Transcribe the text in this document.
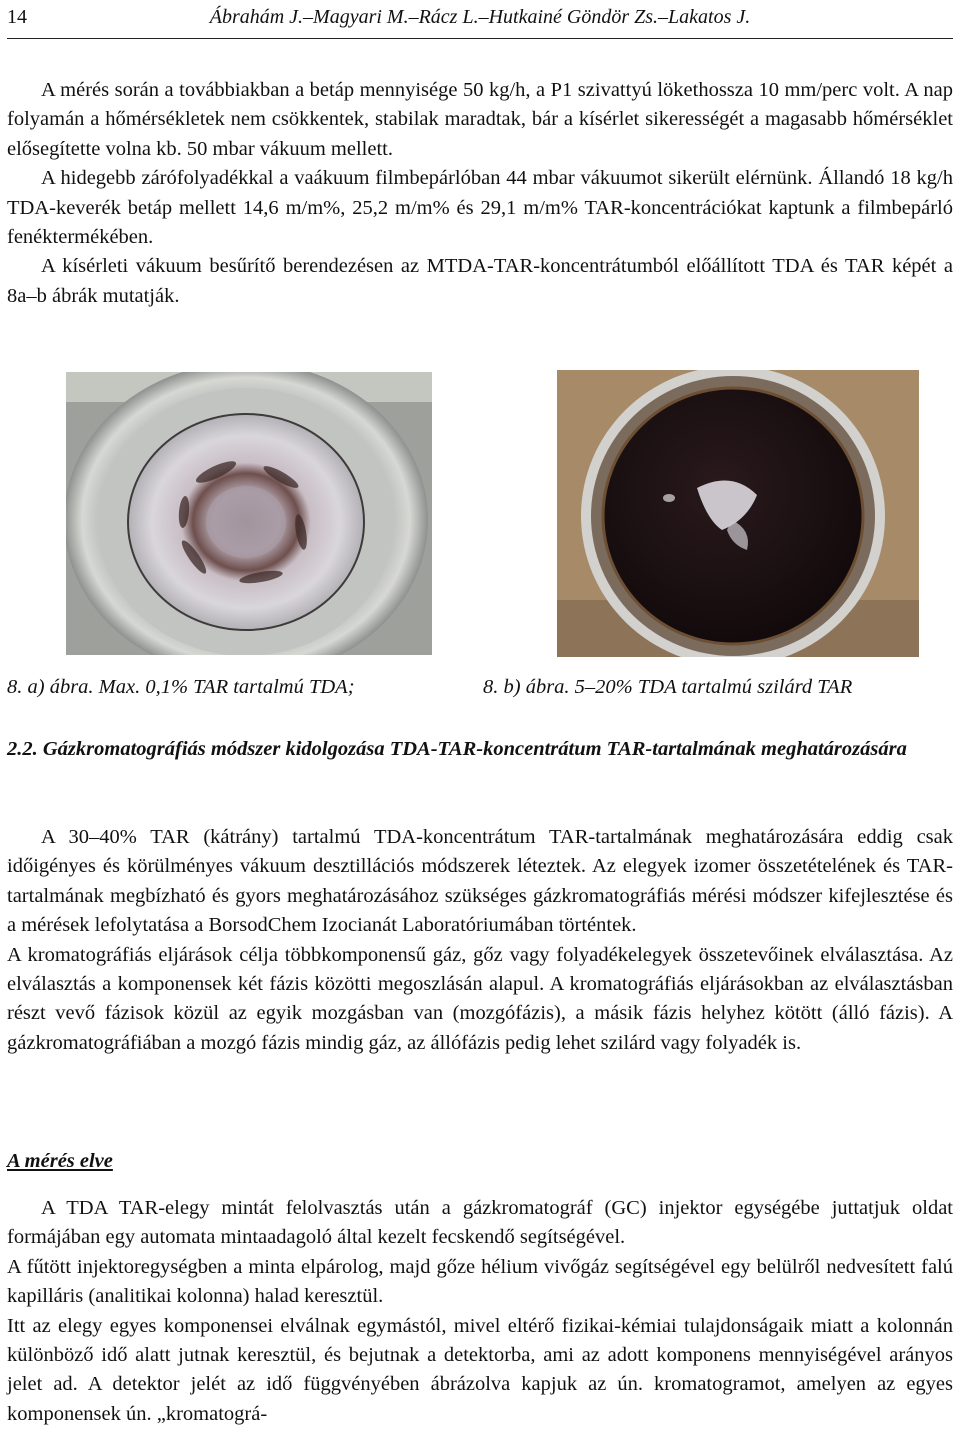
14	Ábrahám J.–Magyari M.–Rácz L.–Hutkainé Göndör Zs.–Lakatos J.

A mérés során a továbbiakban a betáp mennyisége 50 kg/h, a P1 szivattyú lökethossza 10 mm/perc volt. A nap folyamán a hőmérsékletek nem csökkentek, stabilak maradtak, bár a kísérlet sikerességét a magasabb hőmérséklet elősegítette volna kb. 50 mbar vákuum mellett.

A hidegebb zárófolyadékkal a vaákuum filmbepárlóban 44 mbar vákuumot sikerült elérnünk. Állandó 18 kg/h TDA-keverék betáp mellett 14,6 m/m%, 25,2 m/m% és 29,1 m/m% TAR-koncentrációkat kaptunk a filmbepárló fenéktermékében.

A kísérleti vákuum besűrítő berendezésen az MTDA-TAR-koncentrátumból előállított TDA és TAR képét a 8a–b ábrák mutatják.

8. a) ábra. Max. 0,1% TAR tartalmú TDA;	8. b) ábra. 5–20% TDA tartalmú szilárd TAR

2.2. Gázkromatográfiás módszer kidolgozása TDA-TAR-koncentrátum TAR-tartalmának meghatározására

A 30–40% TAR (kátrány) tartalmú TDA-koncentrátum TAR-tartalmának meghatározására eddig csak időigényes és körülményes vákuum desztillációs módszerek léteztek. Az elegyek izomer összetételének és TAR-tartalmának megbízható és gyors meghatározásához szükséges gázkromatográfiás mérési módszer kifejlesztése és a mérések lefolytatása a BorsodChem Izocianát Laboratóriumában történtek.

A kromatográfiás eljárások célja többkomponensű gáz, gőz vagy folyadékelegyek összetevőinek elválasztása. Az elválasztás a komponensek két fázis közötti megoszlásán alapul. A kromatográfiás eljárásokban az elválasztásban részt vevő fázisok közül az egyik mozgásban van (mozgófázis), a másik fázis helyhez kötött (álló fázis). A gázkromatográfiában a mozgó fázis mindig gáz, az állófázis pedig lehet szilárd vagy folyadék is.

A mérés elve

A TDA TAR-elegy mintát felolvasztás után a gázkromatográf (GC) injektor egységébe juttatjuk oldat formájában egy automata mintaadagoló által kezelt fecskendő segítségével.

A fűtött injektoregységben a minta elpárolog, majd gőze hélium vivőgáz segítségével egy belülről nedvesített falú kapilláris (analitikai kolonna) halad keresztül.

Itt az elegy egyes komponensei elválnak egymástól, mivel eltérő fizikai-kémiai tulajdonságaik miatt a kolonnán különböző idő alatt jutnak keresztül, és bejutnak a detektorba, ami az adott komponens mennyiségével arányos jelet ad. A detektor jelét az idő függvényében ábrázolva kapjuk az ún. kromatogramot, amelyen az egyes komponensek ún. „kromatográ-
